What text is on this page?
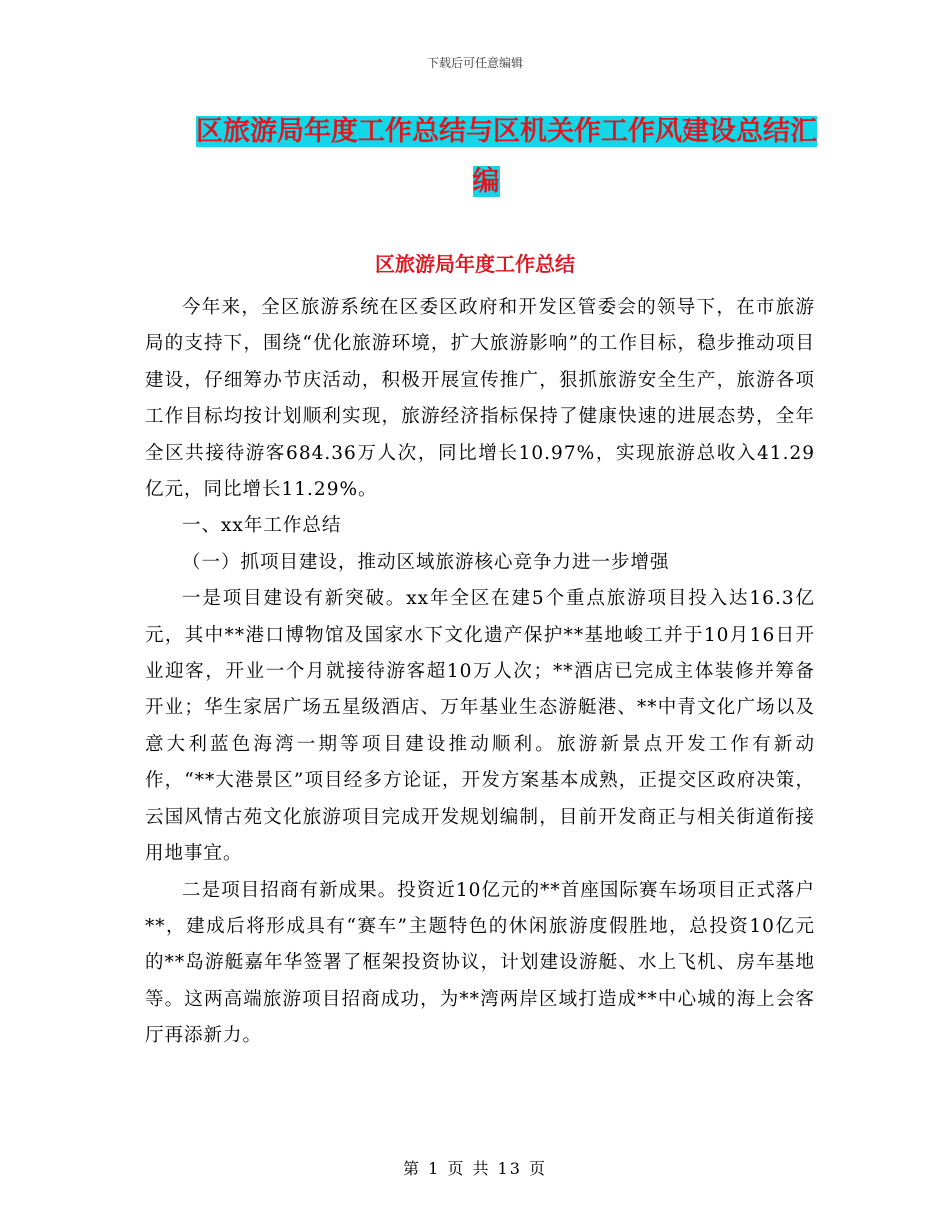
下载后可任意编辑
区旅游局年度工作总结与区机关作工作风建设总结汇
编
区旅游局年度工作总结

今年来，全区旅游系统在区委区政府和开发区管委会的领导下，在市旅游局的支持下，围绕“优化旅游环境，扩大旅游影响”的工作目标，稳步推动项目建设，仔细筹办节庆活动，积极开展宣传推广，狠抓旅游安全生产，旅游各项工作目标均按计划顺利实现，旅游经济指标保持了健康快速的进展态势，全年全区共接待游客684.36万人次，同比增长10.97%，实现旅游总收入41.29亿元，同比增长11.29%。

一、xx年工作总结

（一）抓项目建设，推动区域旅游核心竞争力进一步增强

一是项目建设有新突破。xx年全区在建5个重点旅游项目投入达16.3亿元，其中**港口博物馆及国家水下文化遗产保护**基地峻工并于10月16日开业迎客，开业一个月就接待游客超10万人次；**酒店已完成主体装修并筹备开业；华生家居广场五星级酒店、万年基业生态游艇港、**中青文化广场以及意大利蓝色海湾一期等项目建设推动顺利。旅游新景点开发工作有新动作，“**大港景区”项目经多方论证，开发方案基本成熟，正提交区政府决策，云国风情古苑文化旅游项目完成开发规划编制，目前开发商正与相关街道衔接用地事宜。

二是项目招商有新成果。投资近10亿元的**首座国际赛车场项目正式落户**，建成后将形成具有“赛车”主题特色的休闲旅游度假胜地，总投资10亿元的**岛游艇嘉年华签署了框架投资协议，计划建设游艇、水上飞机、房车基地等。这两高端旅游项目招商成功，为**湾两岸区域打造成**中心城的海上会客厅再添新力。

第 1 页 共 13 页
